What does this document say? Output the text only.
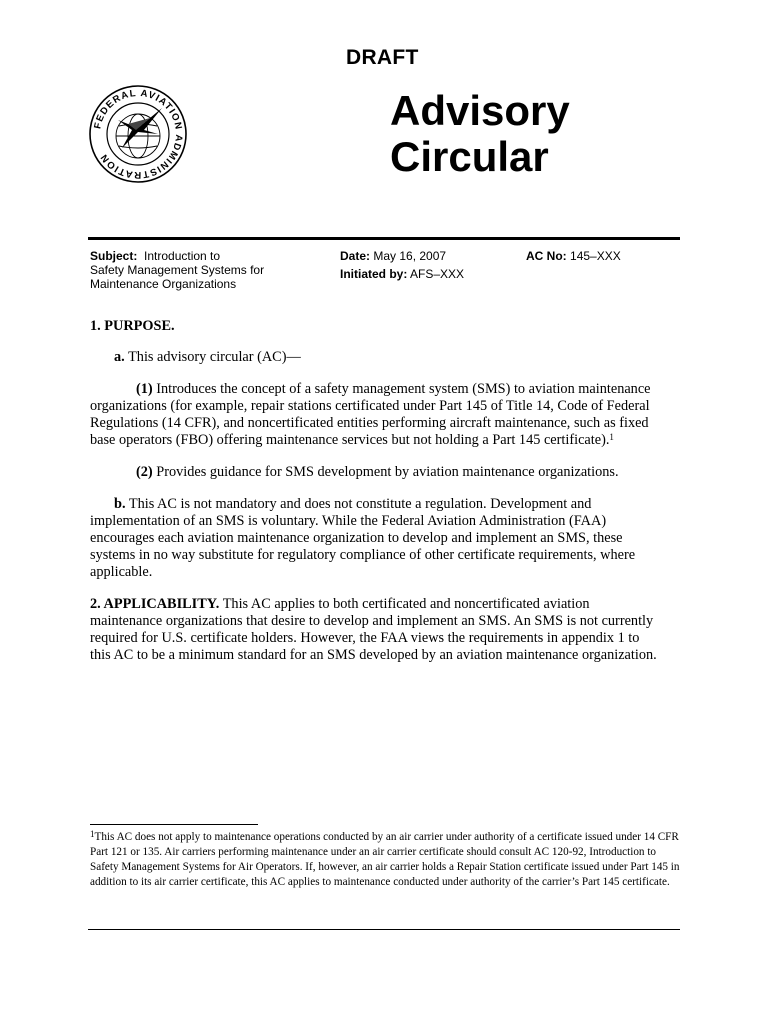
DRAFT
FEDERAL AVIATION ADMINISTRATION
Advisory
Circular
Subject: Introduction to
Safety Management Systems for
Maintenance Organizations
Date: May 16, 2007
Initiated by: AFS–XXX
AC No: 145–XXX

1. PURPOSE.

a. This advisory circular (AC)—

(1) Introduces the concept of a safety management system (SMS) to aviation maintenance organizations (for example, repair stations certificated under Part 145 of Title 14, Code of Federal Regulations (14 CFR), and noncertificated entities performing aircraft maintenance, such as fixed base operators (FBO) offering maintenance services but not holding a Part 145 certificate).$^1$

(2) Provides guidance for SMS development by aviation maintenance organizations.

b. This AC is not mandatory and does not constitute a regulation. Development and implementation of an SMS is voluntary. While the Federal Aviation Administration (FAA) encourages each aviation maintenance organization to develop and implement an SMS, these systems in no way substitute for regulatory compliance of other certificate requirements, where applicable.

2. APPLICABILITY. This AC applies to both certificated and noncertificated aviation maintenance organizations that desire to develop and implement an SMS. An SMS is not currently required for U.S. certificate holders. However, the FAA views the requirements in appendix 1 to this AC to be a minimum standard for an SMS developed by an aviation maintenance organization.

$^1$This AC does not apply to maintenance operations conducted by an air carrier under authority of a certificate issued under 14 CFR Part 121 or 135. Air carriers performing maintenance under an air carrier certificate should consult AC 120-92, Introduction to Safety Management Systems for Air Operators. If, however, an air carrier holds a Repair Station certificate issued under Part 145 in addition to its air carrier certificate, this AC applies to maintenance conducted under authority of the carrier’s Part 145 certificate.
